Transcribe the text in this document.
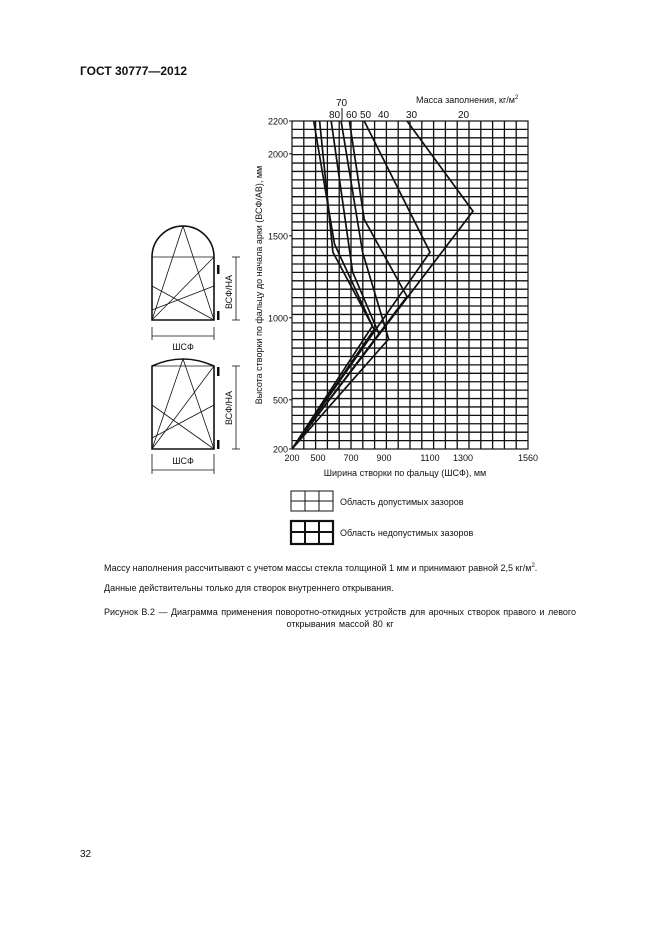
ГОСТ 30777—2012
Масса заполнения, $кг/м^2$
70
80 60 50 40 30	20
200 500 700 900	1100 1300	1560
200
500
1000
1500
2000
2200
Ширина створки по фальцу (ШСФ), мм
Высота створки по фальцу до начала арки (ВСФ/АВ), мм
Область допустимых зазоров
Область недопустимых зазоров
ВСФ/НА
ШСФ
ВСФ/НА
ШСФ
Массу наполнения рассчитывают с учетом массы стекла толщиной 1 мм и принимают равной 2,5 $кг/м^2$.
Данные действительны только для створок внутреннего открывания.
Рисунок В.2 — Диаграмма применения поворотно-откидных устройств для арочных створок правого и левого
открывания массой 80 кг
32
